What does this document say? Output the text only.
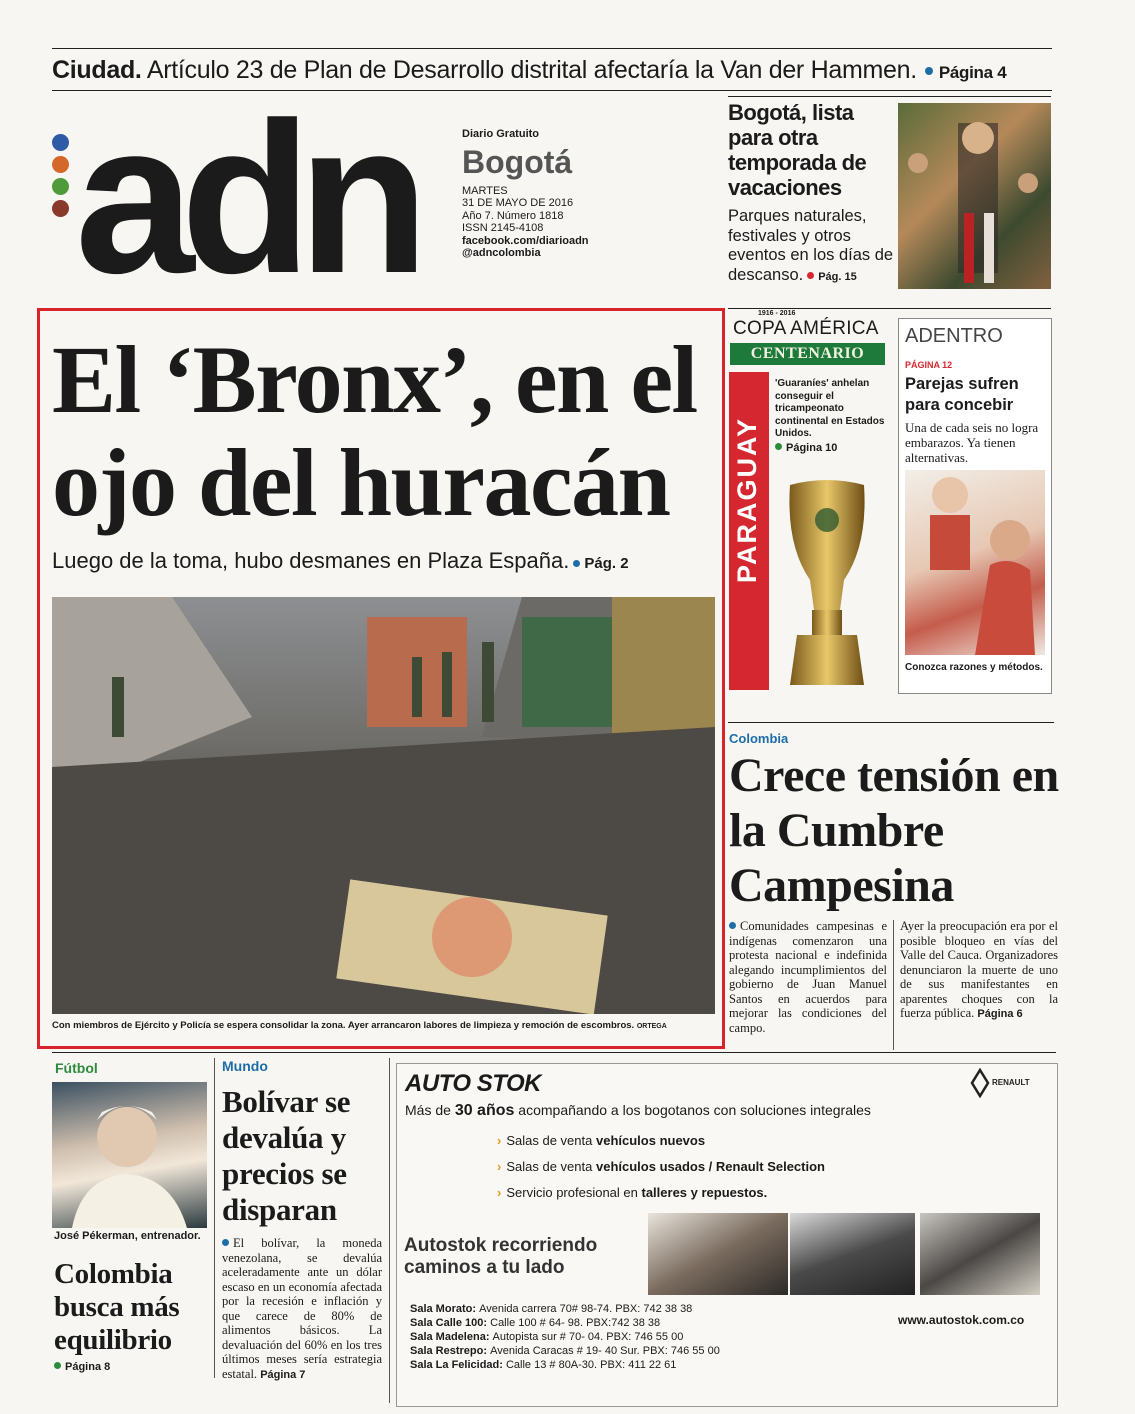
Ciudad. Artículo 23 de Plan de Desarrollo distrital afectaría la Van der Hammen. Página 4
adn	Diario Gratuito
Bogotá
MARTES
31 DE MAYO DE 2016
Año 7. Número 1818
ISSN 2145-4108
facebook.com/diarioadn
@adncolombia
Bogotá, lista para otra temporada de vacaciones
Parques naturales, festivales y otros eventos en los días de descanso. Pág. 15
El ‘Bronx’, en el ojo del huracán
Luego de la toma, hubo desmanes en Plaza España. Pág. 2
Con miembros de Ejército y Policía se espera consolidar la zona. Ayer arrancaron labores de limpieza y remoción de escombros. ORTEGA
1916 - 2016
COPA AMÉRICA
CENTENARIO
PARAGUAY
'Guaraníes' anhelan conseguir el tricampeonato continental en Estados Unidos.
Página 10
ADENTRO
PÁGINA 12
Parejas sufren para concebir
Una de cada seis no logra embarazos. Ya tienen alternativas.
Conozca razones y métodos.
Colombia
Crece tensión en la Cumbre Campesina
Comunidades campesinas e indígenas comenzaron una protesta nacional e indefinida alegando incumplimientos del gobierno de Juan Manuel Santos en acuerdos para mejorar las condiciones del campo.
Ayer la preocupación era por el posible bloqueo en vías del Valle del Cauca. Organizadores denunciaron la muerte de uno de sus manifestantes en aparentes choques con la fuerza pública. Página 6
Fútbol
José Pékerman, entrenador.
Colombia busca más equilibrio
Página 8
Mundo
Bolívar se devalúa y precios se disparan
El bolívar, la moneda venezolana, se devalúa aceleradamente ante un dólar escaso en un economía afectada por la recesión e inflación y que carece de 80% de alimentos básicos. La devaluación del 60% en los tres últimos meses sería estrategia estatal. Página 7
AUTO STOK
Más de 30 años acompañando a los bogotanos con soluciones integrales
› Salas de venta vehículos nuevos
› Salas de venta vehículos usados / Renault Selection
› Servicio profesional en talleres y repuestos.
RENAULT
Autostok recorriendo caminos a tu lado
Sala Morato: Avenida carrera 70# 98-74. PBX: 742 38 38
Sala Calle 100: Calle 100 # 64- 98. PBX:742 38 38
Sala Madelena: Autopista sur # 70- 04. PBX: 746 55 00
Sala Restrepo: Avenida Caracas # 19- 40 Sur. PBX: 746 55 00
Sala La Felicidad: Calle 13 # 80A-30. PBX: 411 22 61
www.autostok.com.co
